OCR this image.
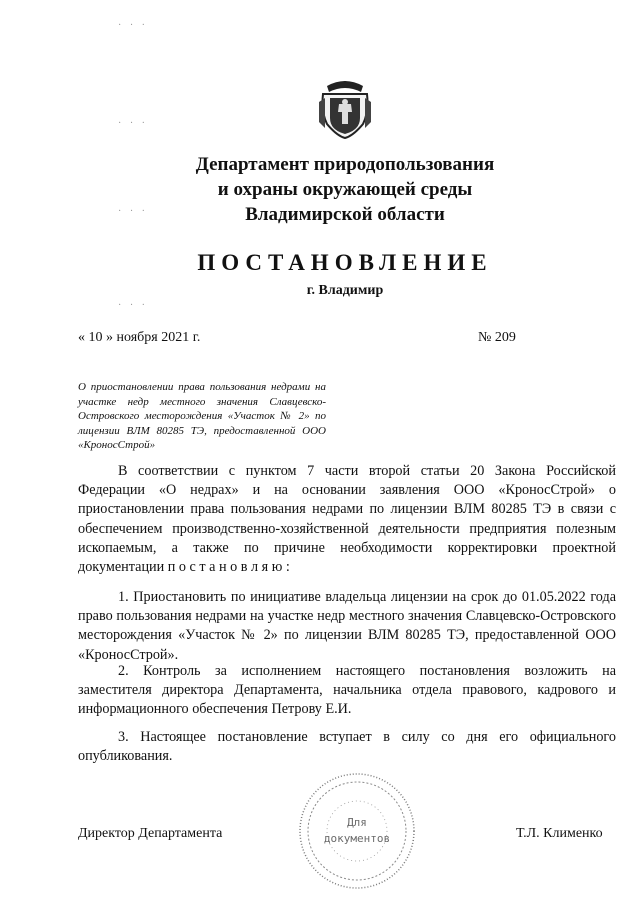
· · ·
· · ·
· · ·
· · ·
Департамент природопользования
и охраны окружающей среды
Владимирской области
ПОСТАНОВЛЕНИЕ
г. Владимир
« 10 » ноября 2021 г.	№ 209
О приостановлении права пользования недрами на участке недр местного значения Славцевско-Островского месторождения «Участок № 2» по лицензии ВЛМ 80285 ТЭ, предоставленной ООО «КроносСтрой»
В соответствии с пунктом 7 части второй статьи 20 Закона Российской Федерации «О недрах» и на основании заявления ООО «КроносСтрой» о приостановлении права пользования недрами по лицензии ВЛМ 80285 ТЭ в связи с обеспечением производственно-хозяйственной деятельности предприятия полезным ископаемым, а также по причине необходимости корректировки проектной документации п о с т а н о в л я ю :
1. Приостановить по инициативе владельца лицензии на срок до 01.05.2022 года право пользования недрами на участке недр местного значения Славцевско-Островского месторождения «Участок № 2» по лицензии ВЛМ 80285 ТЭ, предоставленной ООО «КроносСтрой».
2. Контроль за исполнением настоящего постановления возложить на заместителя директора Департамента, начальника отдела правового, кадрового и информационного обеспечения Петрову Е.И.
3. Настоящее постановление вступает в силу со дня его официального опубликования.
Директор Департамента	Т.Л. Клименко
Для
документов
